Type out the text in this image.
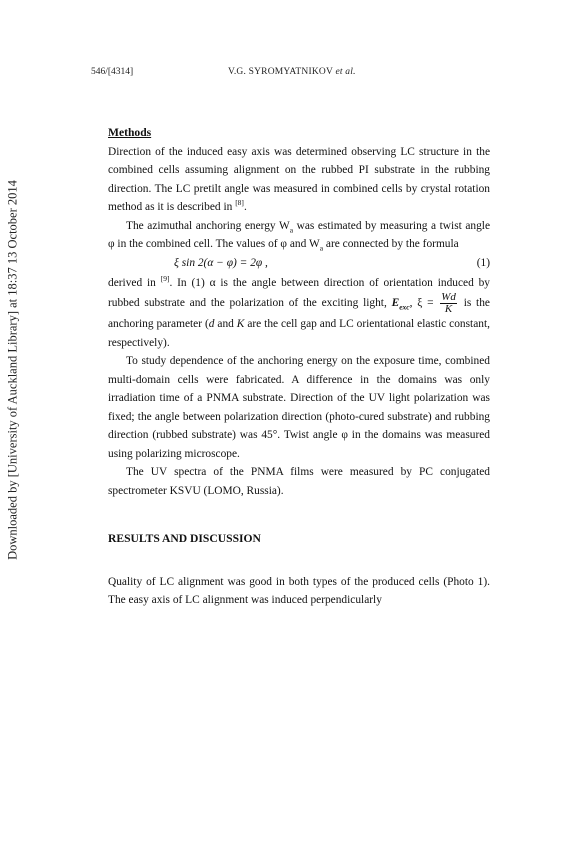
Downloaded by [University of Auckland Library] at 18:37 13 October 2014
546/[4314]	V.G. SYROMYATNIKOV et al.

Methods

Direction of the induced easy axis was determined observing LC structure in the combined cells assuming alignment on the rubbed PI substrate in the rubbing direction. The LC pretilt angle was measured in combined cells by crystal rotation method as it is described in [8].

The azimuthal anchoring energy $W_a$ was estimated by measuring a twist angle φ in the combined cell. The values of φ and $W_a$ are connected by the formula

ξ sin 2(α − φ) = 2φ ,	(1)

derived in [9]. In (1) α is the angle between direction of orientation induced by rubbed substrate and the polarization of the exciting light, $E_{exc}$, $\xi = \frac{Wd}{K}$ is the anchoring parameter (d and K are the cell gap and LC orientational elastic constant, respectively).

To study dependence of the anchoring energy on the exposure time, combined multi-domain cells were fabricated. A difference in the domains was only irradiation time of a PNMA substrate. Direction of the UV light polarization was fixed; the angle between polarization direction (photo-cured substrate) and rubbing direction (rubbed substrate) was 45°. Twist angle φ in the domains was measured using polarizing microscope.

The UV spectra of the PNMA films were measured by PC conjugated spectrometer KSVU (LOMO, Russia).

RESULTS AND DISCUSSION

Quality of LC alignment was good in both types of the produced cells (Photo 1). The easy axis of LC alignment was induced perpendicularly
